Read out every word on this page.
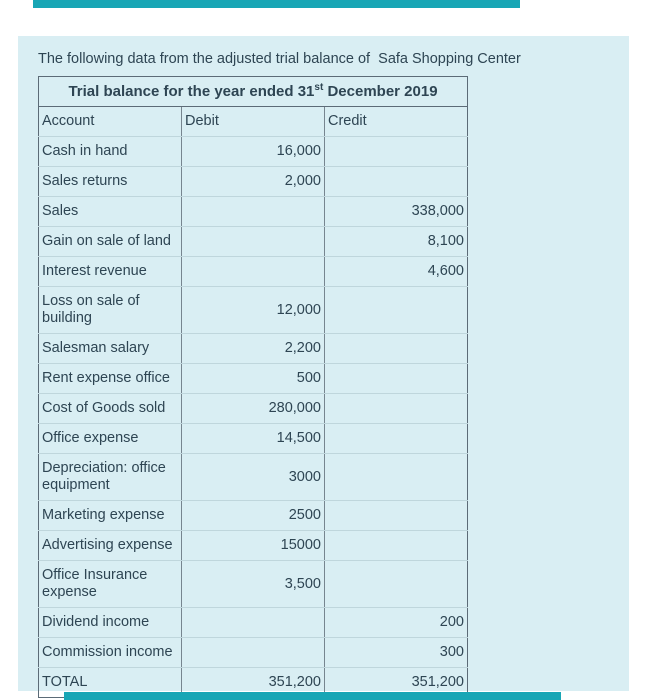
The following data from the adjusted trial balance of  Safa Shopping Center

Trial balance for the year ended 31st December 2019		
Account	Debit	Credit
Cash in hand	16,000	
Sales returns	2,000	
Sales		338,000
Gain on sale of land		8,100
Interest revenue		4,600
Loss on sale of building	12,000	
Salesman salary	2,200	
Rent expense office	500	
Cost of Goods sold	280,000	
Office expense	14,500	
Depreciation: office equipment	3000	
Marketing expense	2500	
Advertising expense	15000	
Office Insurance expense	3,500	
Dividend income		200
Commission income		300
TOTAL	351,200	351,200
